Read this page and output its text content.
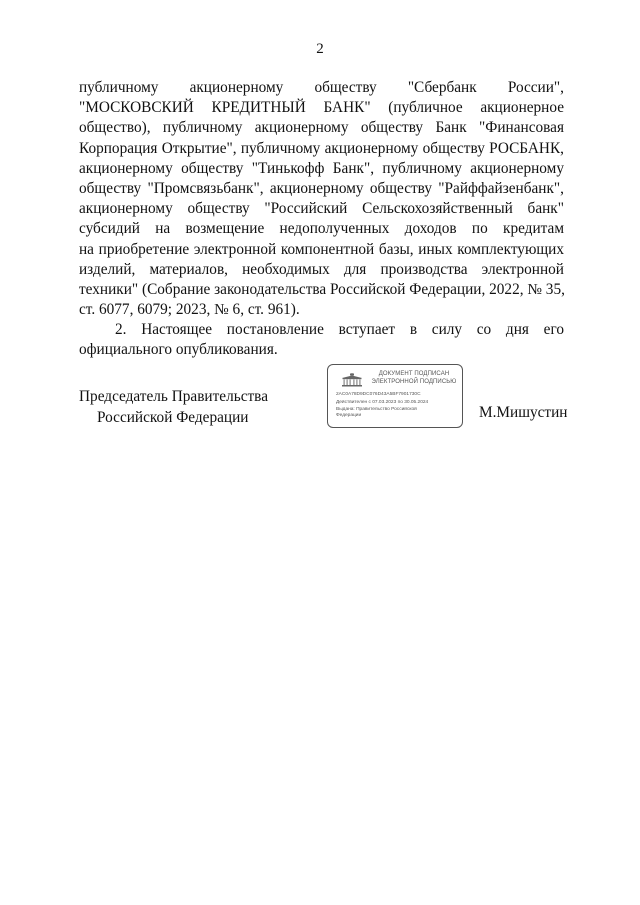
2
публичному акционерному обществу "Сбербанк России",
"МОСКОВСКИЙ КРЕДИТНЫЙ БАНК" (публичное акционерное
общество), публичному акционерному обществу Банк "Финансовая
Корпорация Открытие", публичному акционерному обществу РОСБАНК,
акционерному обществу "Тинькофф Банк", публичному акционерному
обществу "Промсвязьбанк", акционерному обществу "Райффайзенбанк",
акционерному обществу "Российский Сельскохозяйственный банк"
субсидий на возмещение недополученных доходов по кредитам
на приобретение электронной компонентной базы, иных комплектующих
изделий, материалов, необходимых для производства электронной
техники" (Собрание законодательства Российской Федерации, 2022, № 35,
ст. 6077, 6079; 2023, № 6, ст. 961).
2. Настоящее постановление вступает в силу со дня его
официального опубликования.
Председатель Правительства
Российской Федерации
ДОКУМЕНТ ПОДПИСАН
ЭЛЕКТРОННОЙ ПОДПИСЬЮ
2AC0A78D9DC076D43A5BF7901730C
Действителен с 07.03.2023 по 30.05.2024
Выдана: Правительство Российской
Федерации	М.Мишустин
